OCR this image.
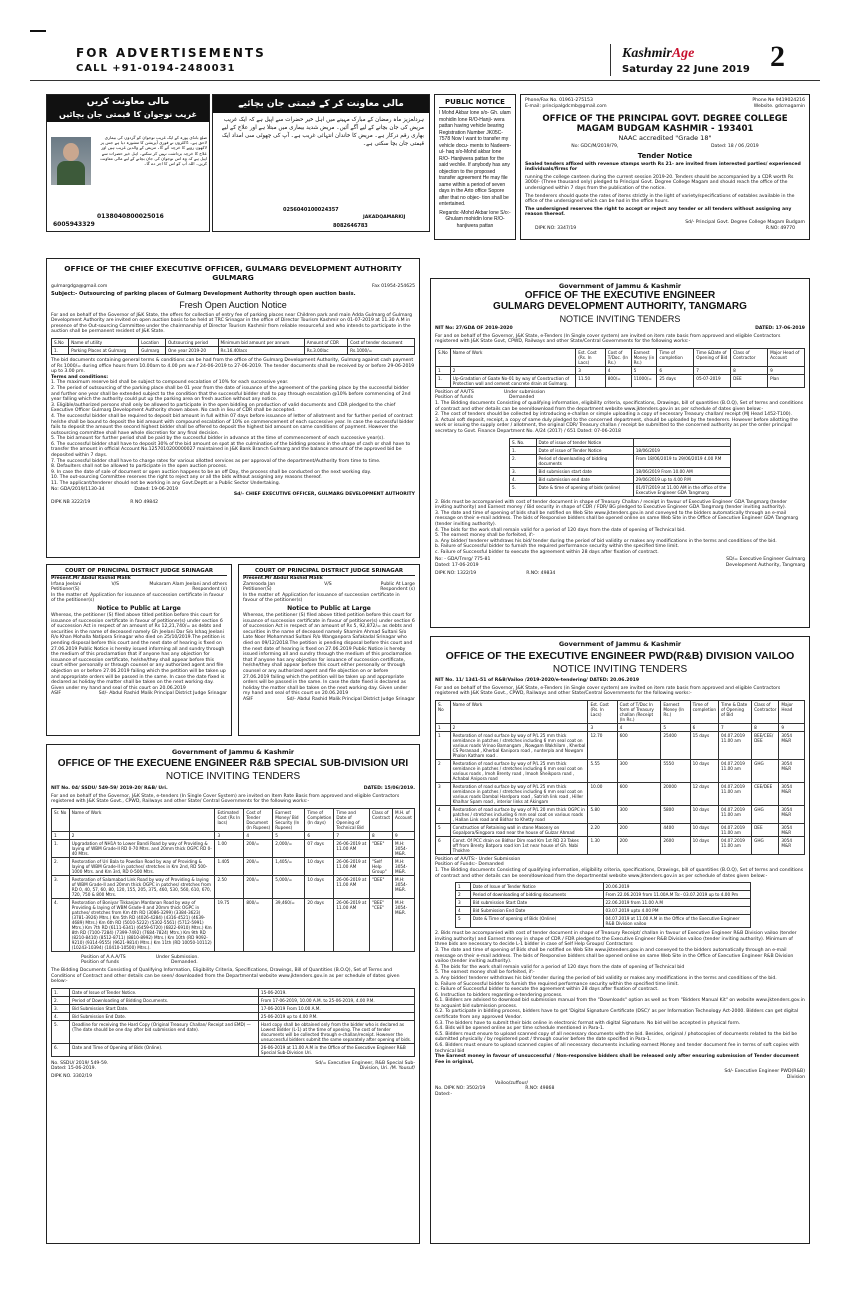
FOR ADVERTISEMENTS
CALL +91-0194-2480031
KashmirAge
Saturday 22 June 2019 2
مالی معاونت کریں
غریب نوجوان کا قیمتی جان بچائیں
ضلع بانڈی پورہ کے ایک غریب نوجوان کو گردوں کی بیماری لاحق ہے۔ ڈاکٹروں نے فوری آپریشن کا مشورہ دیا ہے جس پر لاکھوں روپے کا خرچہ آئے گا۔ مریض کے والدین غریب ہیں اور علاج کا خرچہ برداشت نہیں کر سکتے۔ اہل خیر حضرات سے اپیل ہے کہ وہ اس نوجوان کی جان بچانے کے لیے مالی معاونت کریں۔ اللہ آپ کو اس کا اجر دے گا۔
0138040800025016
6005943329
مالی معاونت کر کے قیمتی جان بچائیے
ہردلعزیز ماہ رمضان کے مبارک مہینے میں اہل خیر حضرات سے اپیل ہے کہ ایک غریب مریض کی جان بچانے کے لیے آگے آئیں۔ مریض شدید بیماری میں مبتلا ہے اور علاج کے لیے بھاری رقم درکار ہے۔ مریض کا خاندان انتہائی غریب ہے۔ آپ کی چھوٹی سی امداد ایک قیمتی جان بچا سکتی ہے۔
0256040100024357
JAKADQAMARKIJ
8082646783
PUBLIC NOTICE
I Mohd Akbar lone s/o- Gh. ulam mohidin lone R/O-Hanji- wera pattan having vehicle bearing Registration Number JK05C- 7578 Now I want to transfer my vehicle docu- ments to Nadeem-ul- haq s/o-Mohd akbar lone R/O- Hanjiwera pattan for the said vechile. If anybody has any objection to the proposed transfer agreement He may file same within a period of seven days in the Arto office Sopore after that no objec- tion shall be entertained.
Regards:-Mohd Akbar lone S/o:-Ghulam mohidin lone R/O-hanjiwera pattan
Phone/Fax No. 01961-275153
E-mail: principalgdcmb@gmail.com
Phone Ne 9419024216
Website. gdcmagamin
OFFICE OF THE PRINCIPAL GOVT. DEGREE COLLEGE
MAGAM BUDGAM KASHMIR - 193401
NAAC accredited "Grade 18"
No: GDC/M/2019/79,	Dated: 18 / 06 /2019
Tender Notice
Sealed tenders affixed with revenue stamps worth Rs 21- are invited from interested parties/ experienced individuals/firms for
running the college canteen during the current session 2019-20. Tenders should be accompanied by a CDR worth Rs 3000/- (Three thousand only) pledged to Principal Govt. Degree College Magam and should reach the office of the undersigned within 7 days from the publication of the notice.
The tenderers should quote the rates of items strictly in the light of variety/specifications of eatables available in the office of the undersigned which can be had in the office hours.
The undersigned reserves the right to accept or reject any tender or all tenders without assigning any reason thereof.
Sd/- Principal Govt. Degree College Magam Budgam
DIPK NO: 3347/19	R.NO: 49770
OFFICE OF THE CHIEF EXECUTIVE OFFICER, GULMARG DEVELOPMENT AUTHORITY GULMARG
gulmargdga@gmail.com	Fax 01954-254625
Subject:- Outsourcing of parking places of Gulmarg Development Authority through open auction basis.
Fresh Open Auction Notice
For and on behalf of the Governor of J&K State, the offers for collection of entry fee of parking places near Children park and main Adda Gulmarg of Gulmarg Development Authority are invited on open auction basis to be held at TRC Srinagar in the office of Director Tourism Kashmir on 01-07-2019 at 11.30 A.M in presence of the Out-sourcing Committee under the chairmanship of Director Tourism Kashmir from reliable resourceful and who intends to participate in the auction shall be permanent resident of J&K State.
S.No	Name of utility	Location	Outsourcing period	Minimum bid amount per annum	Amount of CDR	Cost of tender document
1.	Parking Places at Gulmarg	Gulmarg	One year 2019-20	Rs.16.40lacs	Rs.3.00lac	Rs.1000/=
The bid documents containing general terms & conditions can be had from the office of the Gulmarg Development Authority, Gulmarg against cash payment of Rs 1000/= during office hours from 10.00am to 4.00 pm w.e.f 24-06-2019 to 27-06-2019. The tender documents shall be received by or before 29-06-2019 up to 3.00 pm.
Terms and conditions:
1. The maximum reserve bid shall be subject to compound escalation of 10% for each successive year.
2. The period of outsourcing of the parking place shall be 01 year from the date of issuance of the agreement of the parking place by the successful bidder and further one year shall be extended subject to the condition that the successful bidder shall to pay through escalation @10% before commencing of 2nd year falling which the authority could put up the parking area on fresh auction without any notice.
3. Eligible/authorized persons shall only be allowed to participate in the open bidding on production of valid documents and CDR pledged to the chief Executive Officer Gulmarg Development Authority shown above. No cash in lieu of CDR shall be accepted.
4. The successful bidder shall be required to deposit bid amount in full within 07 days before issuance of letter of allotment and for further period of contract he/she shall be bound to deposit the bid amount with compound escalation of 10% on commencement of each successive year. In case the successful bidder fails to deposit the amount the second highest bidder shall be offered to deposit the highest bid amount on same conditions of payment. However the outsourcing committee shall have whole discretion for any final decision.
5. The bid amount for further period shall be paid by the successful bidder in advance at the time of commencement of each successive year(s).
6. The successful bidder shall have to deposit 30% of the bid amount on spot at the culmination of the bidding process in the shape of cash or shall have to transfer the amount in official Account No.1257010200000027 maintained in J&K Bank Branch Gulmarg and the balance amount of the approved bid be deposited within 7 days.
7. The successful bidder shall have to charge rates for various allotted services as per approval of the department/Authority from time to time.
8. Defaulters shall not be allowed to participate in the open auction process.
9. In case the date of sale of document or open auction happens to be an off Day, the process shall be conducted on the next working day.
10. The out-sourcing Committee reserves the right to reject any or all the bids without assigning any reasons thereof.
11. The applicant/tenderer should not be working in any Govt.Deptt.or a Public Sector Undertaking.
No: GDA/2019/1130-34	Dated: 19-06-2019
Sd/- CHIEF EXECUTIVE OFFICER, GULMARG DEVELOPMENT AUTHORITY
DIPK NB 3222/19	R NO 49842
COURT OF PRINCIPAL DISTRICT JUDGE SRINAGAR
Present.Mr Abdul Rashid Malik
Irfana Jeelani	V/S	Mukaram Alam Jeelani and others
Petitioner(S)	Respondent (s)
In the matter of: Application for issuance of succession certificate in favour of the petitioner(s)
Notice to Public at Large
Whereas, the petitioner (S) filed above titled petition before this court for issuance of succession certificate in favour of petitioner(s) under section 6 of succession Act in respect of an amount of Rs 12,21,740/= as debts and securities in the name of deceased namely Gh Jeelani Dar S/o Ishaq Jeelani R/o Khan Mohalla Natipora Srinagar who died on 25/10/2019.The petition is pending disposal before this court and the next date of hearing is fixed on 27.06.2019 Public Notice is hereby issued informing all and sundry through the medium of this proclamation that if anyone has any objection for issuance of succession certificate, he/she/they shall appear before this court either personally or through counsel or any authorized agent and file objection on or before 27.06.2019 failing which the petition will be taken up and appropriate orders will be passed in the same. In case the date fixed is declared as holiday the matter shall be taken on the next working day. Given under my hand and seal of this court on 20.06.2019
ASIF	Sd/- Abdul Rashid Malik Principal District Judge Srinagar
COURT OF PRINCIPAL DISTRICT JUDGE SRINAGAR
Present.Mr Abdul Rashid Malik
Zamrooda Jan	V/S	Public At Large
Petitioner(S)	Respondent (s)
In the matter of: Application for issuance of succession certificate in favour of the petitioner(s)
Notice to Public at Large
Whereas, the petitioner (S) filed above titled petition before this court for issuance of succession certificate in favour of petitioner(s) under section 6 of succession Act in respect of an amount of Rs 5, 92,872/= as debts and securities in the name of deceased namely Shamim Ahmad Sultani S/o Late Noor Mohammad Sultani R/o Wanganpora Safakadal Srinagar who died on 09/12/2018.The petition is pending disposal before this court and the next date of hearing is fixed on 27.06.2019 Public Notice is hereby issued informing all and sundry through the medium of this proclamation that if anyone has any objection for issuance of succession certificate, he/she/they shall appear before this court either personally or through counsel or any authorized agent and file objection on or before 27.06.2019 failing which the petition will be taken up and appropriate orders will be passed in the same. In case the date fixed is declared as holiday the matter shall be taken on the next working day. Given under my hand and seal of this court on 20.06.2019
ASIF	Sd/- Abdul Rashid Malik Principal District Judge Srinagar
Government of Jammu & Kashmir
OFFICE OF THE EXECUENE ENGINEER R&B SPECIAL SUB-DIVISION URI
NOTICE INVITING TENDERS
NIT No. 04/ SSDU/ 549-59/ 2019-20/ R&B/ Uri.	DATED: 15/06/2019.
For and on behalf of the Governor, J&K State, e-tenders (In Single Cover System) are invited on Item Rate Basis from approved and eligible Contractors registered with J&K State Govt., CPWD, Railways and other State/ Central Governments for the following works:-
Sr. No	Name of Work	Estimated Cost (Rs In lacs)	Cost of Tender Document (In Rupees)	Earnest Money/ Bid Security (In Rupees)	Time of Completion (In days)	Time and Date of Opening of Technical Bid	Class of Contract	M.H. of Account
1	2	3	4	5	6	7	8	9
1.	Upgradation of NH1A to Lower Bandi Road by way of Providing & laying of WBM Grade-II RD 0-70 Mtrs. and 20mm thick OGPC RD 0-40 Mtrs.	1.00	200/=	2,000/=	07 days	26-06-2019 at 11.00 AM	"DEE"	M.H: 3054-M&R.
2.	Restoration of Uri Bala to Powdian Road by way of Providing & laying of WBM Grade-II in patches/ stretches in Km 2nd, RD 500-1000 Mtrs. and Km 3rd, RD 0-500 Mtrs.	1.405	200/=	1,405/=	10 days	26-06-2019 at 11.00 AM	"Self Help Group"	M.H: 3054-M&R.
3.	Restoration of Salamabad Link Road by way of Providing & laying of WBM Grade-II and 20mm thick OGPC in patches/ stretches from RD 0, 40, 57, 60, 80, 120, 155, 205, 375, 460, 530, 560, 610, 670, 720, 750 & 800 Mtrs.	2.50	200/=	5,000/=	10 days	26-06-2019 at 11.00 AM	"DEE"	M.H: 3054-M&R.
4.	Restoration of Boniyar Tikkanjan Mardanan Road by way of Providing & laying of WBM Grade-II and 20mm thick OGPC in patches/ stretches from Km 4th RD (3086-3299) (3384-3623) (3781-3926) Mtrs.) Km 5th RD (4026-4284) (4316-4521) (4639-4689) Mtrs.) Km 6th RD (5010-5222) (5302-5561) (5712-5991) Mtrs.) Km 7th RD (6111-6341) (6459-6720) (6822-6910) Mtrs.) Km 8th RD (7100-7284) (7399-7492) (7684-7824) Mtrs.) Km 9th RD (8210-8410) (8512-8711) (8810-8992) Mtrs.) Km 10th (RD 9092-9210) (9314-9555) (9621-9814) Mtrs.) Km 11th (RD 10050-10112) (10243-10394) (10410-10500) Mtrs.).	19.75	800/=	39,460/=	20 days	26-06-2019 at 11.00 AM	"BEE" "CEE"	M.H: 3054-M&R.
Position of A.A.A/TS	Under Submission.
Position of funds	Demanded.
The Bidding Documents Consisting of Qualifying Information, Eligibility Criteria, Specifications, Drawings, Bill of Quantities (B.O.Q), Set of Terms and Conditions of Contract and other details can be seen/ downloaded from the Departmental website www.jktenders.gov.in as per schedule of dates given below:-
1.	Date of Issue of Tender Notice.	15-06-2019.
2.	Period of Downloading of Bidding Documents.	From 17-06-2019, 10.00 A.M. to 25-06-2019, 4.00 P.M.
3.	Bid Submission Start Date.	17-06-2019 From 10.00 A.M.
4.	Bid Submission End Date.	25-06-2019 up to 4.00 P.M.
5.	Deadline for receiving the Hard Copy (Original Treasury Challan/ Receipt and EMD) — (The date should be one day after bid submission end date).	Hard copy shall be obtained only from the bidder who is declared as Lowest Bidder (L-1) at the time of opening. The cost of tender documents will be collected through e-challan/receipt. However the unsuccessful bidders submit the same separately after opening of bids.
6.	Date and Time of Opening of Bids (Online).	26-06-2019 at 11.00 A.M in the Office of the Executive Engineer R&B Special Sub-Division Uri.
No. SSDU/ 2019/ 549-59.
Dated: 15-06-2019.
DIPK NO. 3302/19
Sd/= Executive Engineer, R&B Special Sub-Division, Uri. /M. Yousuf/
Government of Jammu & Kashmir
OFFICE OF THE EXECUTIVE ENGINEER
GULMARG DEVELOPMENT AUTHORITY, TANGMARG
NOTICE INVITING TENDERS
NIT No: 27/GDA OF 2019-2020	DATED: 17-06-2019
For and on behalf of the Governor, J&K State, e-Tenders (In Single cover system) are invited on item rate basis from approved and eligible Contractors registered with J&K State Govt, CPWD, Railways and other State/Central Governments for the following works:-
S.No	Name of Work	Est. Cost (Rs. In Lacs)	Cost of T/Doc. (In Rs.)	Earnest Money (in Rs.)	Time of completion	Time &Date of Opening of Bid	Class of Contractor	Major Head of Account
1	2	3	4	5	6	7	8	9
1.	Up-Gradation of Gaate No-01 by way of Construction of Protection wall and cement concrete drain at Gulmarg.	11.50	800/=	11000/=	25 days	05-07-2019	DEE	Plan
Position of AA/TS	Under submission
Position of funds	Demanded
1. The Bidding documents Consisting of qualifying information, eligibility criteria, specifications, Drawings, bill of quantities (B.O.Q), Set of terms and conditions of contract and other details can be seen/download from the department website www.jktenders.gov.in as per schedule of dates given below:-
2. The cost of tenders should be collected by introducing e-challan or simple uploading a copy of necessary Treasury challan/ receipt (MJ Head 1452-T100).
3. Actual soft deposit, receipt, a copy of same duly pledged to the concerned department, should be uploaded by the tenderers. However before allotting the work or issuing the supply order / allotment, the original CDR/ Treasury challan / receipt be submitted to the concerned authority as per the order principal secretary to Govt. Finance Department No. A/24 (2017) / 651 Dated: 07-06-2018
S. No.	Date of issue of tender Notice	
1.	Date of issue of Tender Notice	18/06/2019
2.	Period of downloading of bidding documents	From 18/06/2019 to 29/06/2019 4.00 P.M
3.	Bid submission start date	18/06/2019 From 10.00 AM
4.	Bid submission end date	29/06/2019 up to 4.00 P.M
5.	Date & time of opening of bids (online)	01/07/2019 at 11.00 AM in the office of the Executive Engineer GDA Tangmarg
2. Bids must be accompanied with cost of tender document in shape of Treasury Challan / receipt in favour of Executive Engineer GDA Tangmarg (tender inviting authority) and Earnest money / Bid security in shape of CDR / FDR/ BG pledged to Executive Engineer GDA Tangmarg (tender inviting authority).
3. The date and time of opening of bids shall be notified on Web Site www.jktenders.gov.in and conveyed to the bidders automatically through an e-mail message on their e-mail address. The bids of Responsive bidders shall be opened online on same Web Site in the Office of Executive Engineer GDA Tangmarg (tender inviting authority).
4. The bids for the work shall remain valid for a period of 120 days from the date of opening of Technical bid.
5. The earnest money shall be forfeited, if:-
a. Any bidder/ tenderer withdraws his bid/ tender during the period of bid validity or makes any modifications in the terms and conditions of the bid.
b. Failure of Successful bidder to furnish the required performance security within the specified time limit.
c. Failure of Successful bidder to execute the agreement within 28 days after fixation of contract.
No: - GDA/Tmrg/ 775-81
Dated: 17-06-2019
SD/= Executive Engineer Gulmarg Development Authority, Tangmarg
DIPK NO: 1322/19	R.NO: 49834
Government of Jammu & Kashmir
OFFICE OF THE EXECUTIVE ENGINEER PWD(R&B) DIVISION VAILOO
NOTICE INVITING TENDERS
NIT No. 11/ 1341-51 of R&B/Vailoo /2019-2020/e-tendering/ DATED: 20.06.2019
For and on behalf of the Governor, J&K State, e-Tenders (in Single cover system) are invited on item rate basis from approved and eligible Contractors registered with J&K State Govt., CPWD, Railways and other State/Central Governments for the following works:-
S. No	Name of Work	Est. Cost (Rs. In Lacs)	Cost of T/Doc In form of Treasury challan /Receipt (In Rs.)	Earnest Money (In Rs.)	Time of completion	Time & Date of Opening of Bid	Class of Contractor	Major Head
1	2	3	4	5	6	7	8	9
1	Restoration of road surface by way of P/L 25 mm thick semidance in patches / stretches including 6 mm seal coat on various roads Vrinoo Bamangam , Nowgam Wakhilam , Kherbal CS Poranaad , Kherbal Kanipora road , nunterpla and Nowgam Phalon Katham road .	12.70	600	25400	15 days	04.07.2019 11.00 am	BEE/CEE/ DEE	3054 M&R
2	Restoration of road surface by way of P/L 25 mm thick semidance in patches / stretches including 6 mm seal coat on various roads , Imoh Brenty road , Imooh Sheikpora road , Achabal Anipora road	5.55	300	5550	10 days	04.07.2019 11.00 am	GHG	3054 M&R
3	Restoration of road surface by way of P/L 25 mm thick semidance in patches / stretches including 6 mm seal coat on various roads Dambal Hardpora road , Satrish link road , Hiller Khalhar Spam road , interior links at Akingam	10.00	600	20000	12 days	04.07.2019 11.00 am	CEE/DEE	3054 M&R
4	Restoration of road surface by way of P/L 20 mm thick OGPC in patches / stretches including 6 mm seal coat on various roads , Hallan Link road and Bidhar to Khetty road	5.80	300	5800	10 days	04.07.2019 11.00 am	GHG	3054 M&R
5	Construction of Retaining wall in stone Masonry on Gopalpora/Singpora road near the house of Gulzar Ahmad	2.20	200	4400	10 days	04.07.2019 11.00 am	DEE	3054 M&R
6	Const. Of PCC drain on Bidhar Dim road Km 1st RD 23 Takes off from Brenty Batpora road km 1st near house of Gh. Nabi Thokhre	1.30	200	2600	10 days	04.07.2019 11.00 am	GHG	3054 M&R
Position of AA/TS:- Under Submission
Position of Funds:- Demanded
1. The Bidding documents Consisting of qualifying information, eligibility criteria, specifications, Drawings, bill of quantities (B.O.Q), Set of terms and conditions of contract and other details can be seen/download from the departmental website www.jktenders.gov.in as per schedule of dates given below:-
1	Date of Issue of Tender Notice	20.06.2019
2	Period of downloading of bidding documents	From 22.06.2019 from 11.00A.M To:- 03.07.2019 up to 4.00 Pm
3	Bid submission Start Date	22.06.2019 from 11.00 A.M
4	Bid Submission End Date	03.07.2019 upto 4.00 PM
5	Date & Time of opening of Bids (Online)	04.07.2019 at 11.00 A.M in the Office of the Executive Engineer R&B Division vailoo
2. Bids must be accompanied with cost of tender document in shape of Treasury Receipt/ challan in favour of Executive Engineer R&B Division vailoo (tender inviting authority) and Earnest money in shape of CDR / FDR pledged to the Executive Engineer R&B Division vailoo (tender inviting authority). Minimum of three bids are necessary to decide L-1 bidder in case of Self Help Groups/ Contractors
3. The date and time of opening of Bids shall be notified on Web Site www.jktenders.gov.in and conveyed to the bidders automatically through an e-mail message on their e-mail address. The bids of Responsive bidders shall be opened online on same Web Site in the Office of Executive Engineer R&B Division vailoo (tender inviting authority).
4. The bids for the work shall remain valid for a period of 120 days from the date of opening of Technical bid
5. The earnest money shall be forfeited, if:-
a. Any bidder/ tenderer withdraws his bid/ tender during the period of bid validity or makes any modifications in the terms and conditions of the bid.
b. Failure of Successful bidder to furnish the required performance security within the specified time limit.
c. Failure of Successful bidder to execute the agreement within 28 days after fixation of contract.
6. Instruction to bidders regarding e-tendering process.
6.1. Bidders are advised to download bid submission manual from the "Downloads" option as well as from "Bidders Manual Kit" on website www.jktenders.gov.in to acquaint bid submission process.
6.2. To participate in bidding process, bidders have to get 'Digital Signature Certificate (DSC)' as per Information Technology Act-2000. Bidders can get digital certificate from any approved Vendor.
6.3. The bidders have to submit their bids online in electronic format with digital Signature. No bid will be accepted in physical form.
6.4. Bids will be opened online as per time schedule mentioned in Para-1.
6.5. Bidders must ensure to upload scanned copy of all necessary documents with the bid. Besides, original / photocopies of documents related to the bid be submitted physically / by registered post / through courier before the date specified in Para-1.
6.6. Bidders must ensure to upload scanned copies of all necessary documents including earnest Money and tender document fee in terms of soft copies with technical bid
The Earnest money in favour of unsuccessful / Non-responsive bidders shall be released only after ensuring submission of Tender document Fee in original,
Sd/- Executive Engineer PWD(R&B) Division
Vailoo/zuffour/
No. DIPK NO: 3502/19	R.NO: 49868
Dated:-
